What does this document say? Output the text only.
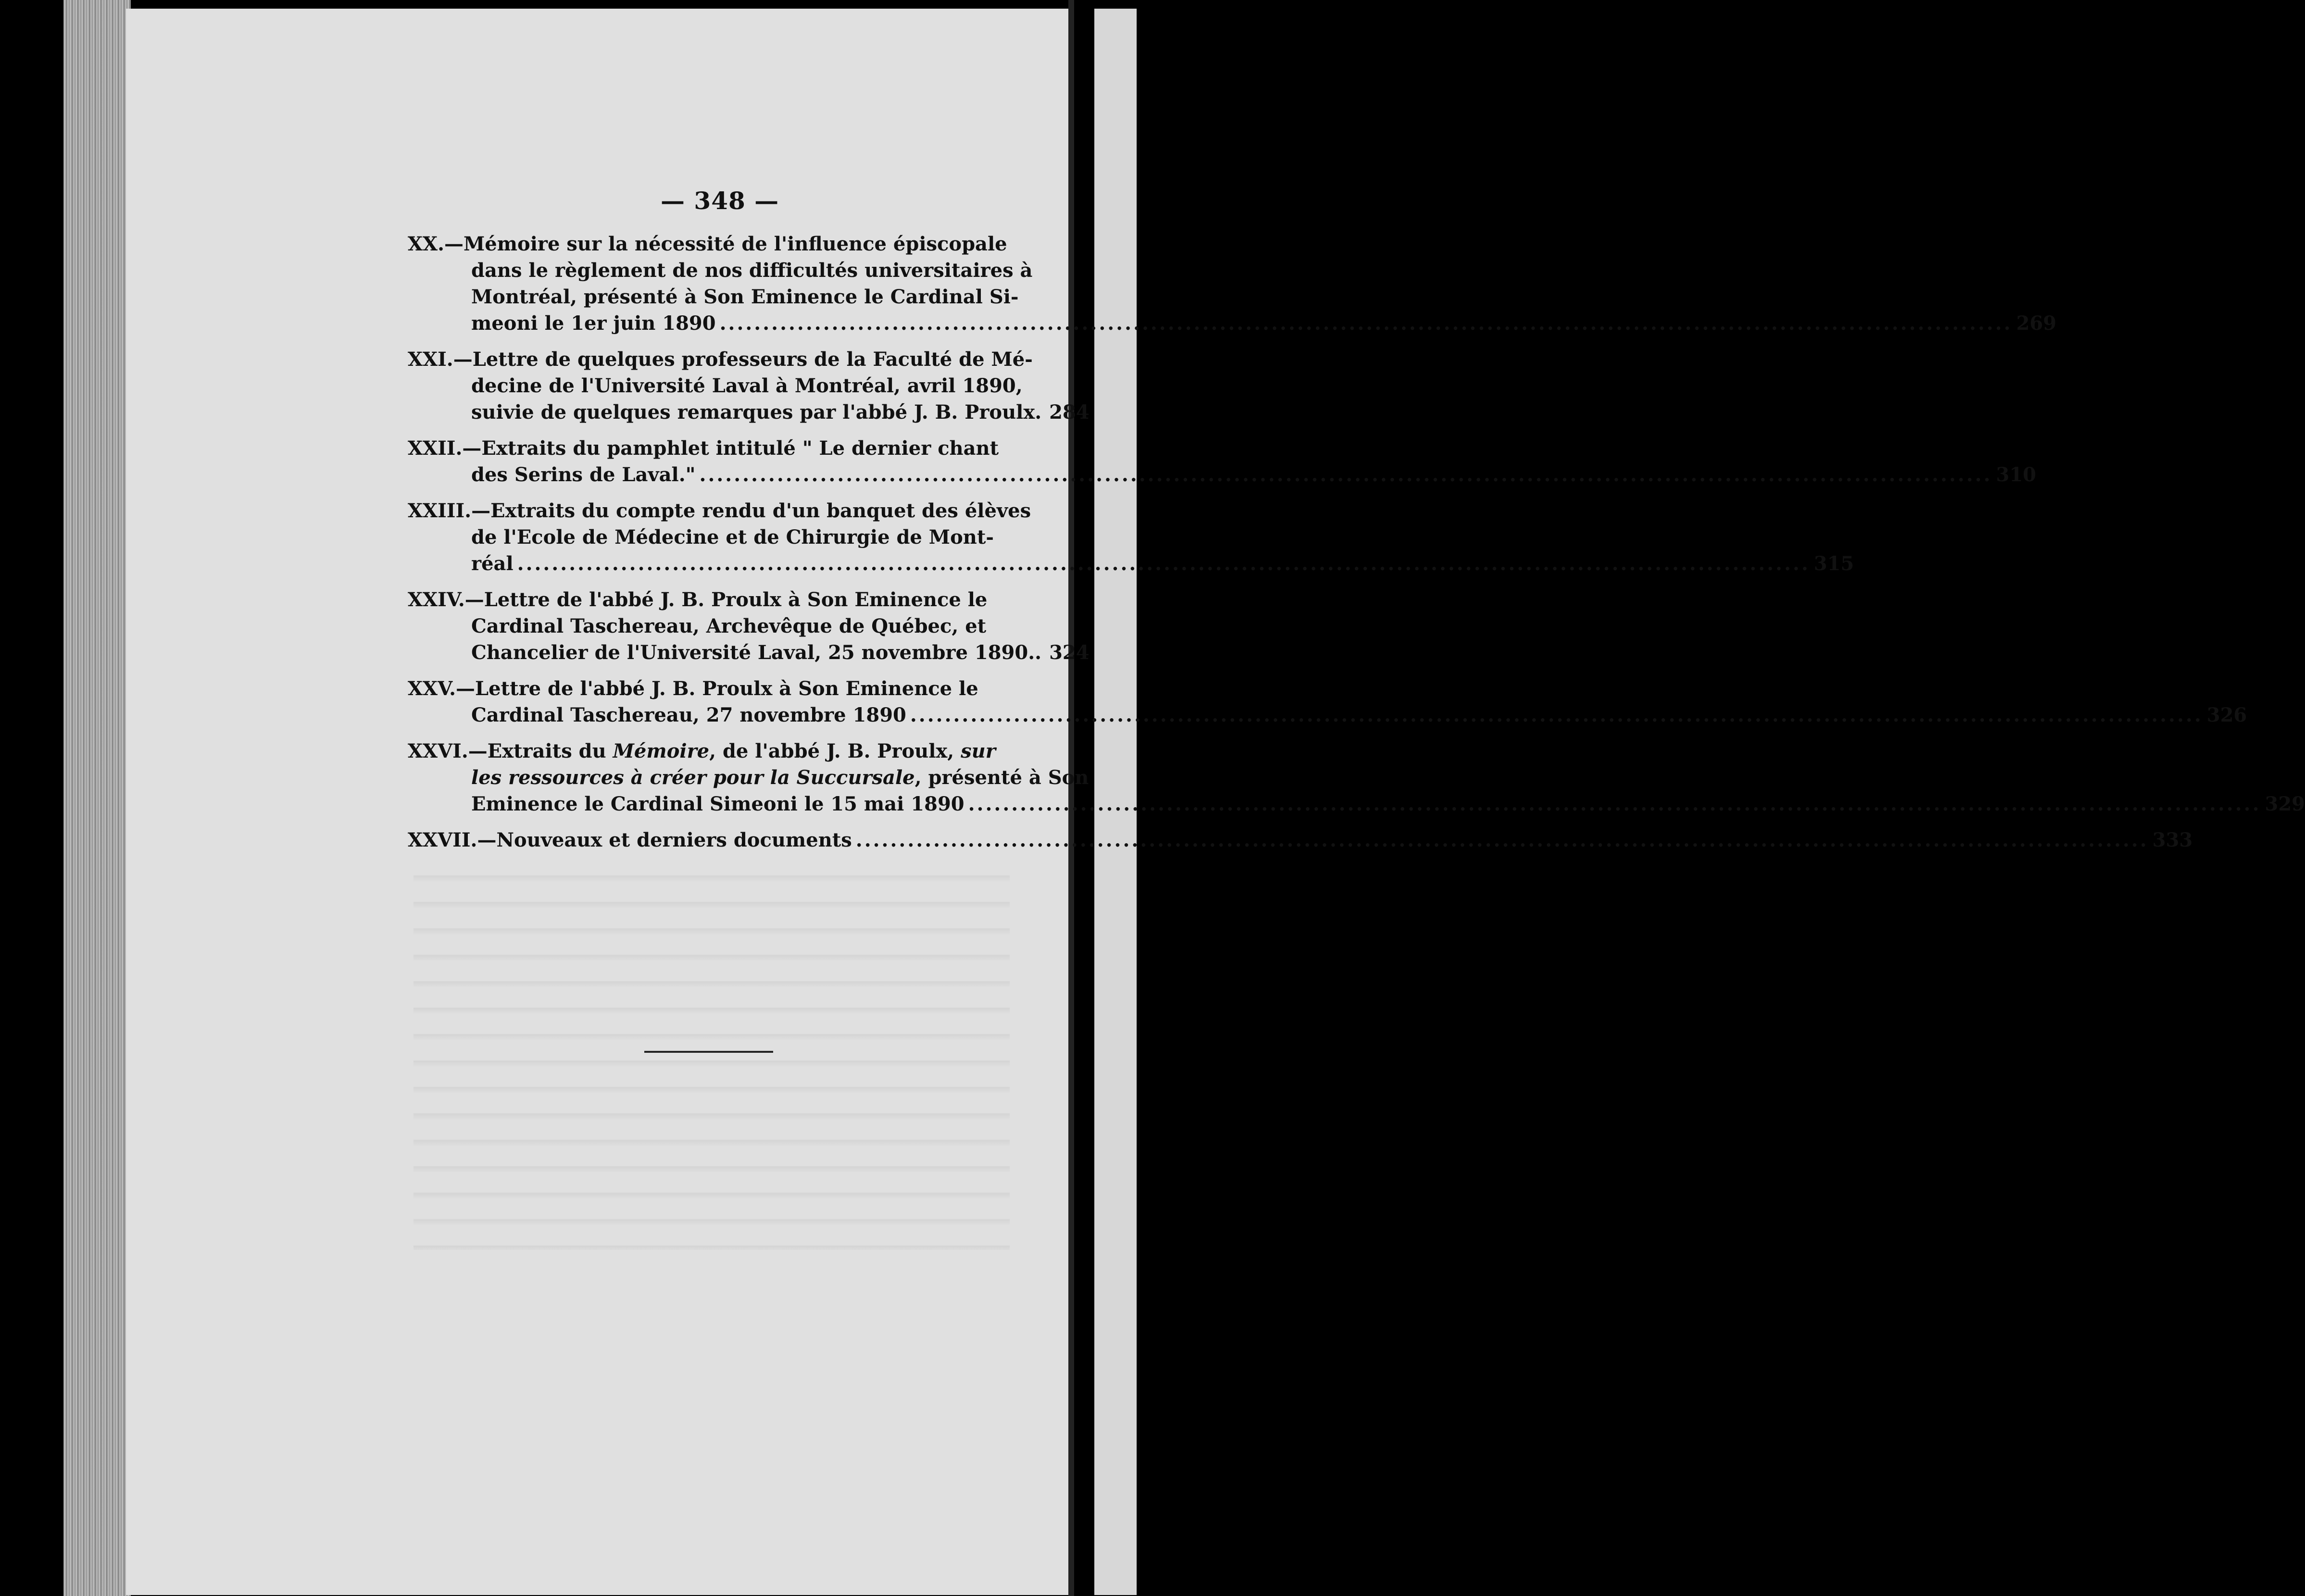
— 348 —
XX.—Mémoire sur la nécessité de l'influence épiscopale
dans le règlement de nos difficultés universitaires à
Montréal, présenté à Son Eminence le Cardinal Si-
meoni le 1er juin 1890 .....	269
XXI.—Lettre de quelques professeurs de la Faculté de Mé-
decine de l'Université Laval à Montréal, avril 1890,
suivie de quelques remarques par l'abbé J. B. Proulx. 284
XXII.—Extraits du pamphlet intitulé " Le dernier chant
des Serins de Laval." .....	310
XXIII.—Extraits du compte rendu d'un banquet des élèves
de l'Ecole de Médecine et de Chirurgie de Mont-
réal .....	315
XXIV.—Lettre de l'abbé J. B. Proulx à Son Eminence le
Cardinal Taschereau, Archevêque de Québec, et
Chancelier de l'Université Laval, 25 novembre 1890.. 324
XXV.—Lettre de l'abbé J. B. Proulx à Son Eminence le
Cardinal Taschereau, 27 novembre 1890 .....	326
XXVI.—Extraits du Mémoire, de l'abbé J. B. Proulx, sur
les ressources à créer pour la Succursale, présenté à Son
Eminence le Cardinal Simeoni le 15 mai 1890 .....	329
XXVII.—Nouveaux et derniers documents .....	333
